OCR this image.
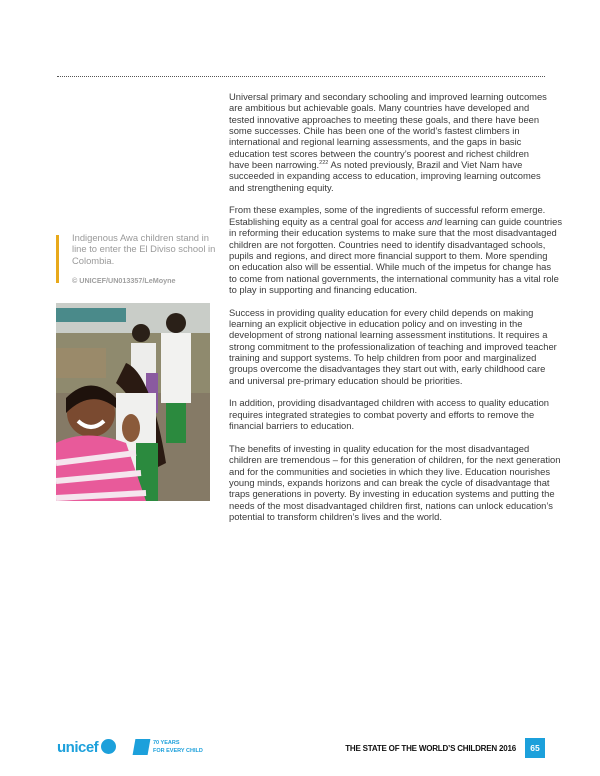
Universal primary and secondary schooling and improved learning outcomes
are ambitious but achievable goals. Many countries have developed and
tested innovative approaches to meeting these goals, and there have been
some successes. Chile has been one of the world’s fastest climbers in
international and regional learning assessments, and the gaps in basic
education test scores between the country’s poorest and richest children
have been narrowing.$^{222}$ As noted previously, Brazil and Viet Nam have
succeeded in expanding access to education, improving learning outcomes
and strengthening equity.
From these examples, some of the ingredients of successful reform emerge.
Establishing equity as a central goal for access and learning can guide countries
in reforming their education systems to make sure that the most disadvantaged
children are not forgotten. Countries need to identify disadvantaged schools,
pupils and regions, and direct more financial support to them. More spending
on education also will be essential. While much of the impetus for change has
to come from national governments, the international community has a vital role
to play in supporting and financing education.
Success in providing quality education for every child depends on making
learning an explicit objective in education policy and on investing in the
development of strong national learning assessment institutions. It requires a
strong commitment to the professionalization of teaching and improved teacher
training and support systems. To help children from poor and marginalized
groups overcome the disadvantages they start out with, early childhood care
and universal pre-primary education should be priorities.
In addition, providing disadvantaged children with access to quality education
requires integrated strategies to combat poverty and efforts to remove the
financial barriers to education.
The benefits of investing in quality education for the most disadvantaged
children are tremendous – for this generation of children, for the next generation
and for the communities and societies in which they live. Education nourishes
young minds, expands horizons and can break the cycle of disadvantage that
traps generations in poverty. By investing in education systems and putting the
needs of the most disadvantaged children first, nations can unlock education’s
potential to transform children’s lives and the world.
Indigenous Awa children stand in
line to enter the El Diviso school in
Colombia.
© UNICEF/UN013357/LeMoyne
unicef	70 YEARS
FOR EVERY CHILD	THE STATE OF THE WORLD’S CHILDREN 2016	65
